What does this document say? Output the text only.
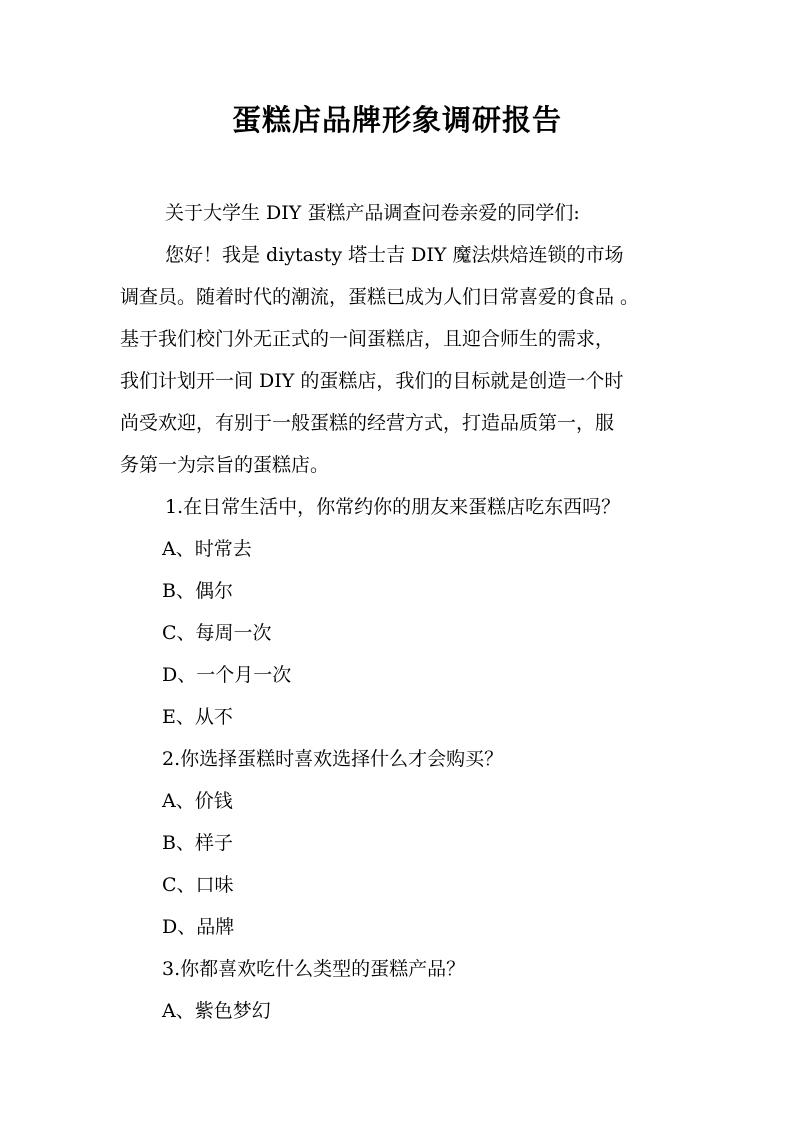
蛋糕店品牌形象调研报告

关于大学生 DIY 蛋糕产品调查问卷亲爱的同学们:

您好！我是 diytasty 塔士吉 DIY 魔法烘焙连锁的市场

调查员。随着时代的潮流，蛋糕已成为人们日常喜爱的食品 。

基于我们校门外无正式的一间蛋糕店，且迎合师生的需求，

我们计划开一间 DIY 的蛋糕店，我们的目标就是创造一个时

尚受欢迎，有别于一般蛋糕的经营方式，打造品质第一，服

务第一为宗旨的蛋糕店。

1.在日常生活中，你常约你的朋友来蛋糕店吃东西吗？

A、时常去

B、偶尔

C、每周一次

D、一个月一次

E、从不

2.你选择蛋糕时喜欢选择什么才会购买？

A、价钱

B、样子

C、口味

D、品牌

3.你都喜欢吃什么类型的蛋糕产品？

A、紫色梦幻
